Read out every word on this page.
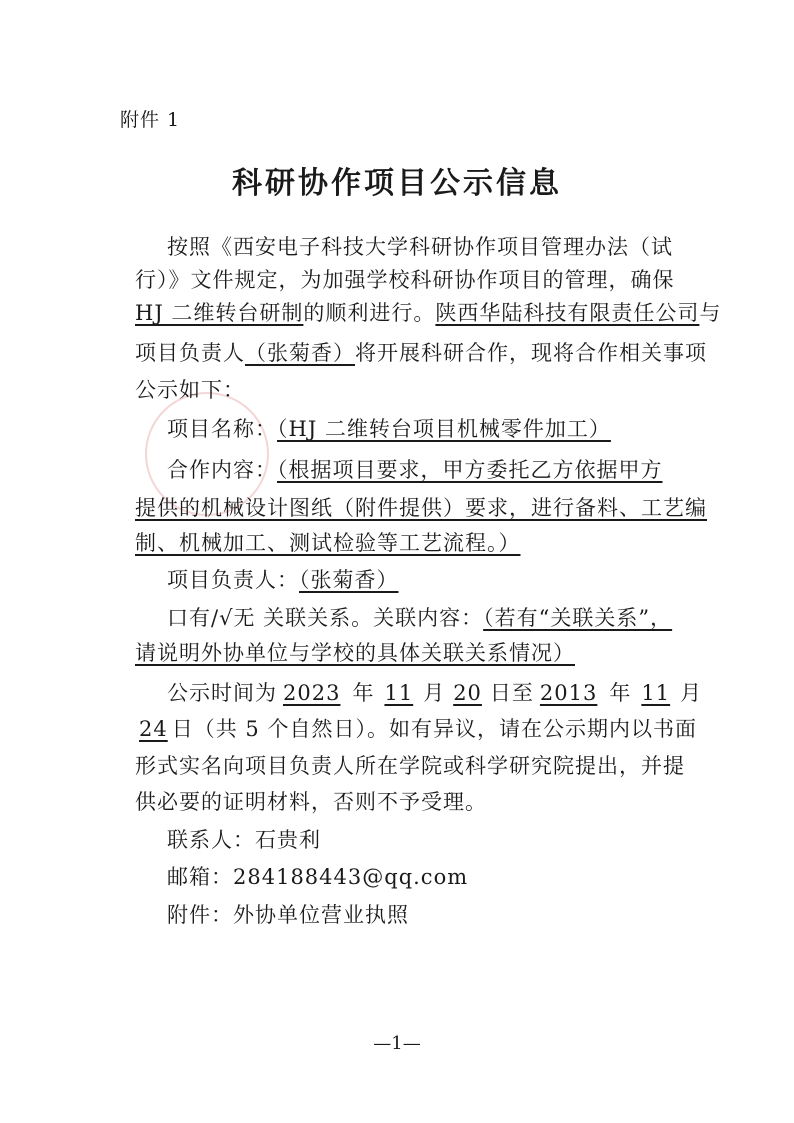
附件 1
科研协作项目公示信息
按照《西安电子科技大学科研协作项目管理办法（试
行）》文件规定，为加强学校科研协作项目的管理，确保
HJ 二维转台研制的顺利进行。陕西华陆科技有限责任公司与
项目负责人（张菊香）将开展科研合作，现将合作相关事项
公示如下：
项目名称：（HJ 二维转台项目机械零件加工）
合作内容：（根据项目要求，甲方委托乙方依据甲方
提供的机械设计图纸（附件提供）要求，进行备料、工艺编
制、机械加工、测试检验等工艺流程。）
项目负责人：（张菊香）
口有/√无 关联关系。关联内容：（若有“关联关系”，
请说明外协单位与学校的具体关联关系情况）
公示时间为 2023 年 11 月 20 日至 2013 年 11 月
24 日（共 5 个自然日）。如有异议，请在公示期内以书面
形式实名向项目负责人所在学院或科学研究院提出，并提
供必要的证明材料，否则不予受理。
联系人：石贵利
邮箱：284188443@qq.com
附件：外协单位营业执照
—1—
